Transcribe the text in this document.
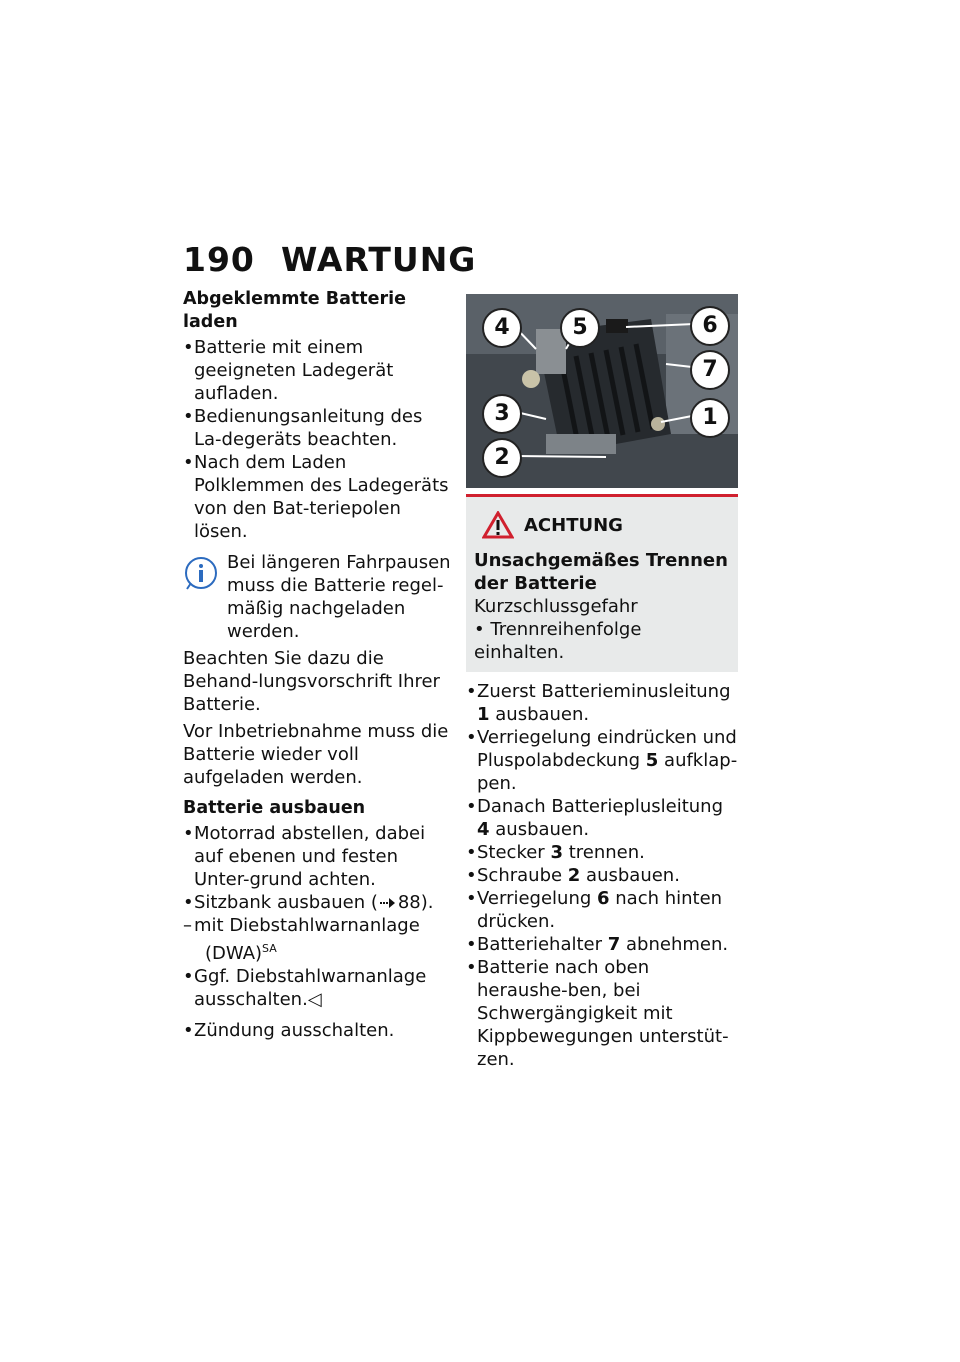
190 WARTUNG
Abgeklemmte Batterie laden
• Batterie mit einem geeigneten Ladegerät aufladen.
• Bedienungsanleitung des La-degeräts beachten.
• Nach dem Laden Polklemmen des Ladegeräts von den Bat-teriepolen lösen.

Bei längeren Fahrpausen muss die Batterie regel-mäßig nachgeladen werden.

Beachten Sie dazu die Behand-lungsvorschrift Ihrer Batterie.

Vor Inbetriebnahme muss die Batterie wieder voll aufgeladen werden.

Batterie ausbauen
• Motorrad abstellen, dabei auf ebenen und festen Unter-grund achten.
• Sitzbank ausbauen ( 88).
– mit Diebstahlwarnanlage
(DWA)$^{SA}$
• Ggf. Diebstahlwarnanlage ausschalten.◁
• Zündung ausschalten.
4	5	6
7
3	1
2
ACHTUNG
Unsachgemäßes Trennen der Batterie
Kurzschlussgefahr
• Trennreihenfolge einhalten.
• Zuerst Batterieminusleitung 1 ausbauen.
• Verriegelung eindrücken und Pluspolabdeckung 5 aufklap-pen.
• Danach Batterieplusleitung 4 ausbauen.
• Stecker 3 trennen.
• Schraube 2 ausbauen.
• Verriegelung 6 nach hinten drücken.
• Batteriehalter 7 abnehmen.
• Batterie nach oben heraushe-ben, bei Schwergängigkeit mit Kippbewegungen unterstüt-zen.
